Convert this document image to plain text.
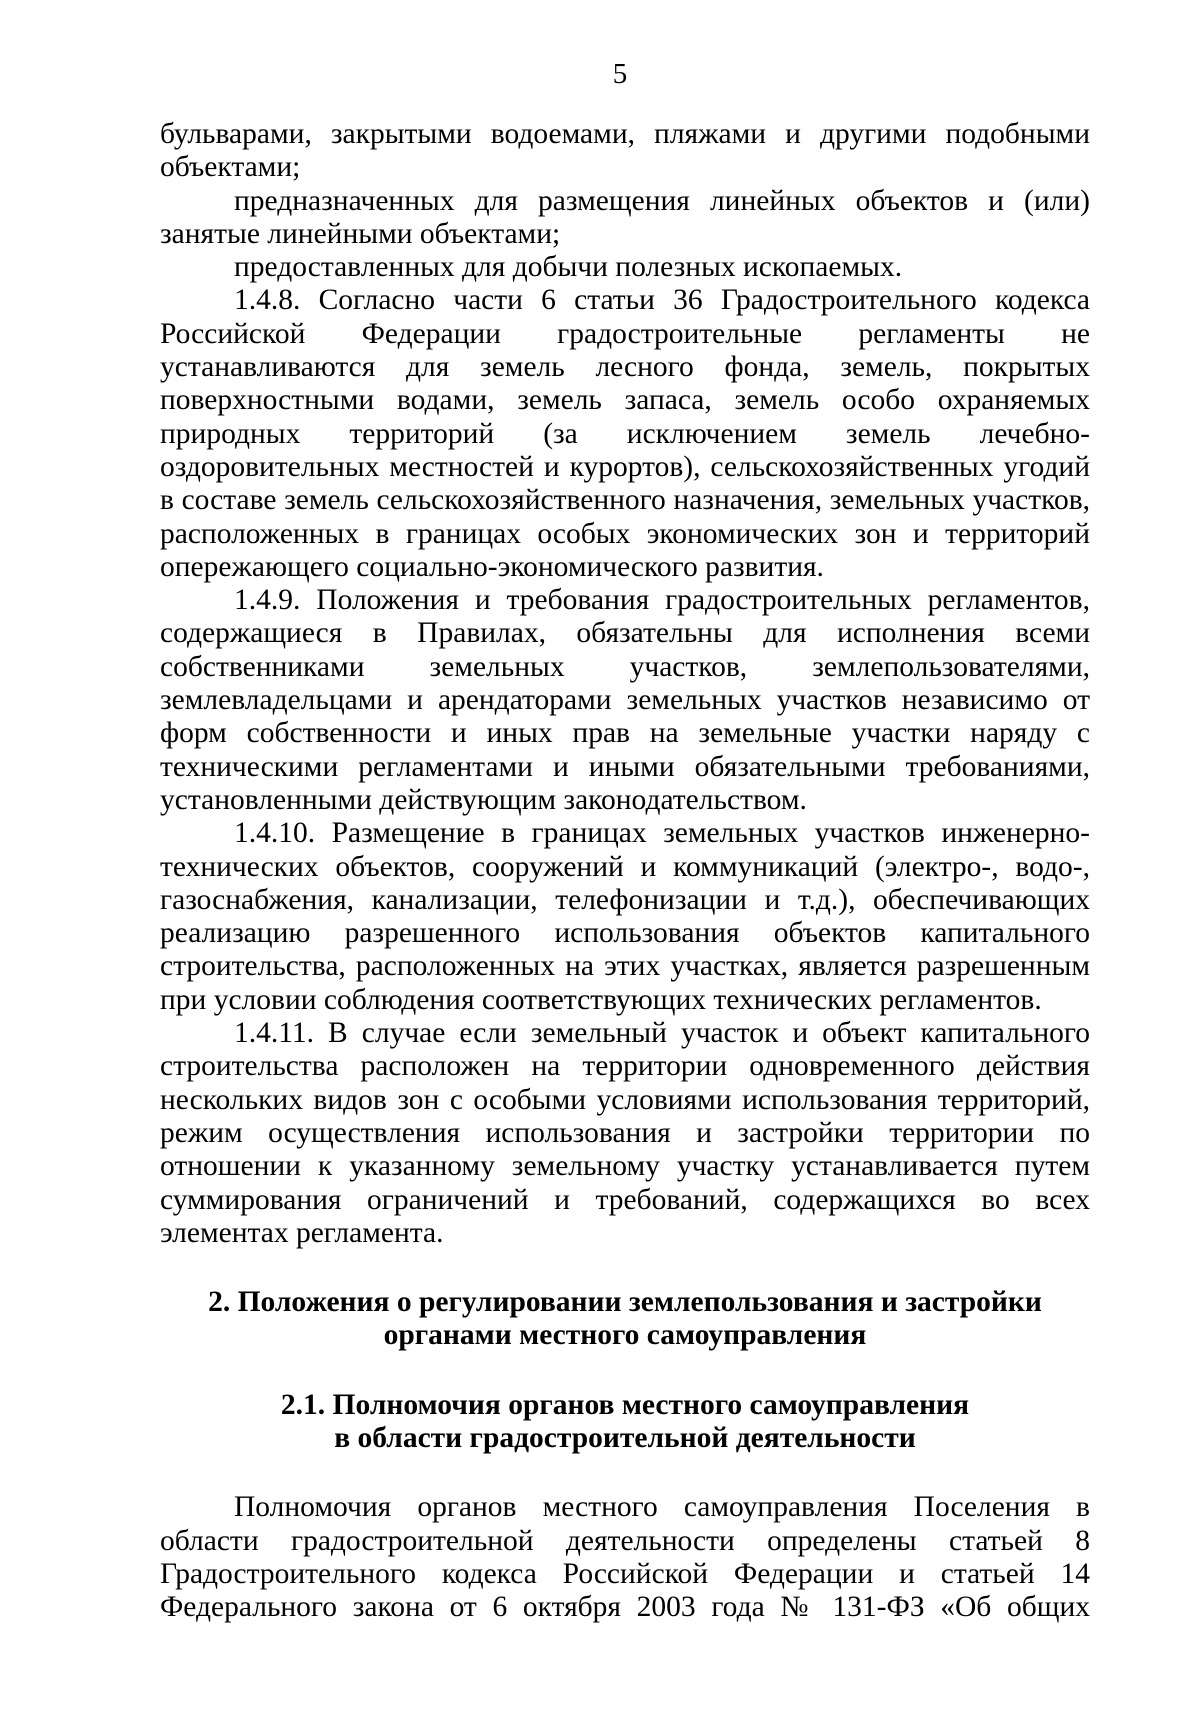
5

бульварами, закрытыми водоемами, пляжами и другими подобными объектами;

предназначенных для размещения линейных объектов и (или) занятые линейными объектами;

предоставленных для добычи полезных ископаемых.

1.4.8. Согласно части 6 статьи 36 Градостроительного кодекса Российской Федерации градостроительные регламенты не устанавливаются для земель лесного фонда, земель, покрытых поверхностными водами, земель запаса, земель особо охраняемых природных территорий (за исключением земель лечебно-оздоровительных местностей и курортов), сельскохозяйственных угодий в составе земель сельскохозяйственного назначения, земельных участков, расположенных в границах особых экономических зон и территорий опережающего социально-экономического развития.

1.4.9. Положения и требования градостроительных регламентов, содержащиеся в Правилах, обязательны для исполнения всеми собственниками земельных участков, землепользователями, землевладельцами и арендаторами земельных участков независимо от форм собственности и иных прав на земельные участки наряду с техническими регламентами и иными обязательными требованиями, установленными действующим законодательством.

1.4.10. Размещение в границах земельных участков инженерно-технических объектов, сооружений и коммуникаций (электро-, водо-, газоснабжения, канализации, телефонизации и т.д.), обеспечивающих реализацию разрешенного использования объектов капитального строительства, расположенных на этих участках, является разрешенным при условии соблюдения соответствующих технических регламентов.

1.4.11. В случае если земельный участок и объект капитального строительства расположен на территории одновременного действия нескольких видов зон с особыми условиями использования территорий, режим осуществления использования и застройки территории по отношении к указанному земельному участку устанавливается путем суммирования ограничений и требований, содержащихся во всех элементах регламента.

2. Положения о регулировании землепользования и застройки
органами местного самоуправления
2.1. Полномочия органов местного самоуправления
в области градостроительной деятельности

Полномочия органов местного самоуправления Поселения в области градостроительной деятельности определены статьей 8 Градостроительного кодекса Российской Федерации и статьей 14 Федерального закона от 6 октября 2003 года № 131-ФЗ «Об общих
